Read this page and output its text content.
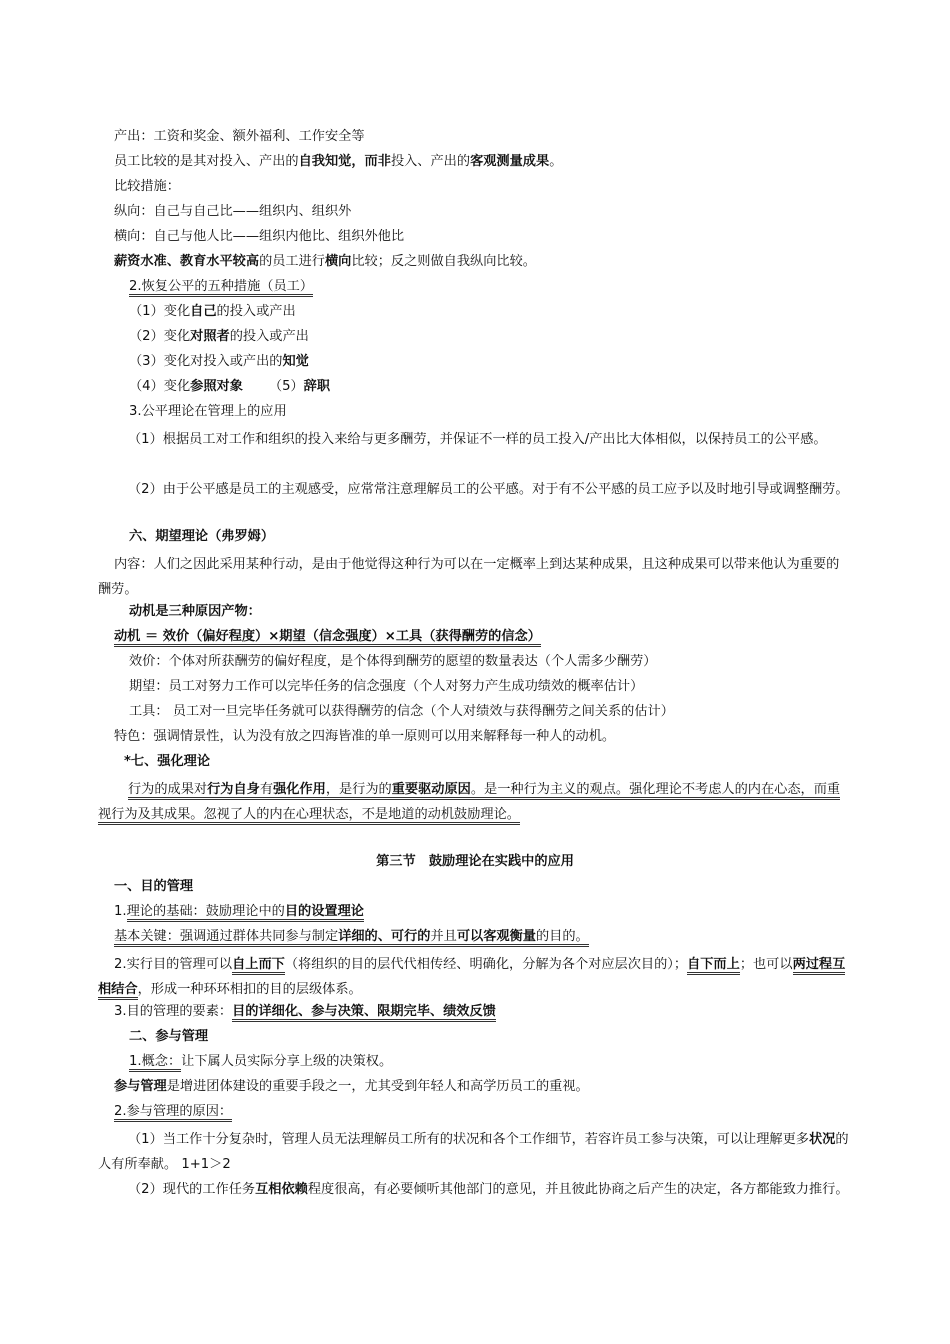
产出：工资和奖金、额外福利、工作安全等
员工比较的是其对投入、产出的自我知觉，而非投入、产出的客观测量成果。
比较措施：
纵向：自己与自己比——组织内、组织外
横向：自己与他人比——组织内他比、组织外他比
薪资水准、教育水平较高的员工进行横向比较；反之则做自我纵向比较。
2.恢复公平的五种措施（员工）
（1）变化自己的投入或产出
（2）变化对照者的投入或产出
（3）变化对投入或产出的知觉
（4）变化参照对象 （5）辞职
3.公平理论在管理上的应用
（1）根据员工对工作和组织的投入来给与更多酬劳，并保证不一样的员工投入/产出比大体相似，以保持员工的公平感。
（2）由于公平感是员工的主观感受，应常常注意理解员工的公平感。对于有不公平感的员工应予以及时地引导或调整酬劳。
六、期望理论（弗罗姆）
内容：人们之因此采用某种行动，是由于他觉得这种行为可以在一定概率上到达某种成果，且这种成果可以带来他认为重要的酬劳。
动机是三种原因产物：
动机 ＝ 效价（偏好程度）×期望（信念强度）×工具（获得酬劳的信念）
效价：个体对所获酬劳的偏好程度，是个体得到酬劳的愿望的数量表达（个人需多少酬劳）
期望：员工对努力工作可以完毕任务的信念强度（个人对努力产生成功绩效的概率估计）
工具： 员工对一旦完毕任务就可以获得酬劳的信念（个人对绩效与获得酬劳之间关系的估计）
特色：强调情景性，认为没有放之四海皆准的单一原则可以用来解释每一种人的动机。
*七、强化理论
行为的成果对行为自身有强化作用，是行为的重要驱动原因。是一种行为主义的观点。强化理论不考虑人的内在心态，而重视行为及其成果。忽视了人的内在心理状态，不是地道的动机鼓励理论。
第三节　鼓励理论在实践中的应用
一、目的管理
1.理论的基础：鼓励理论中的目的设置理论
基本关键：强调通过群体共同参与制定详细的、可行的并且可以客观衡量的目的。
2.实行目的管理可以自上而下（将组织的目的层代代相传经、明确化，分解为各个对应层次目的）；自下而上；也可以两过程互相结合，形成一种环环相扣的目的层级体系。
3.目的管理的要素：目的详细化、参与决策、限期完毕、绩效反馈
二、参与管理
1.概念：让下属人员实际分享上级的决策权。
参与管理是增进团体建设的重要手段之一，尤其受到年轻人和高学历员工的重视。
2.参与管理的原因：
（1）当工作十分复杂时，管理人员无法理解员工所有的状况和各个工作细节，若容许员工参与决策，可以让理解更多状况的人有所奉献。 1+1＞2
（2）现代的工作任务互相依赖程度很高，有必要倾听其他部门的意见，并且彼此协商之后产生的决定，各方都能致力推行。
